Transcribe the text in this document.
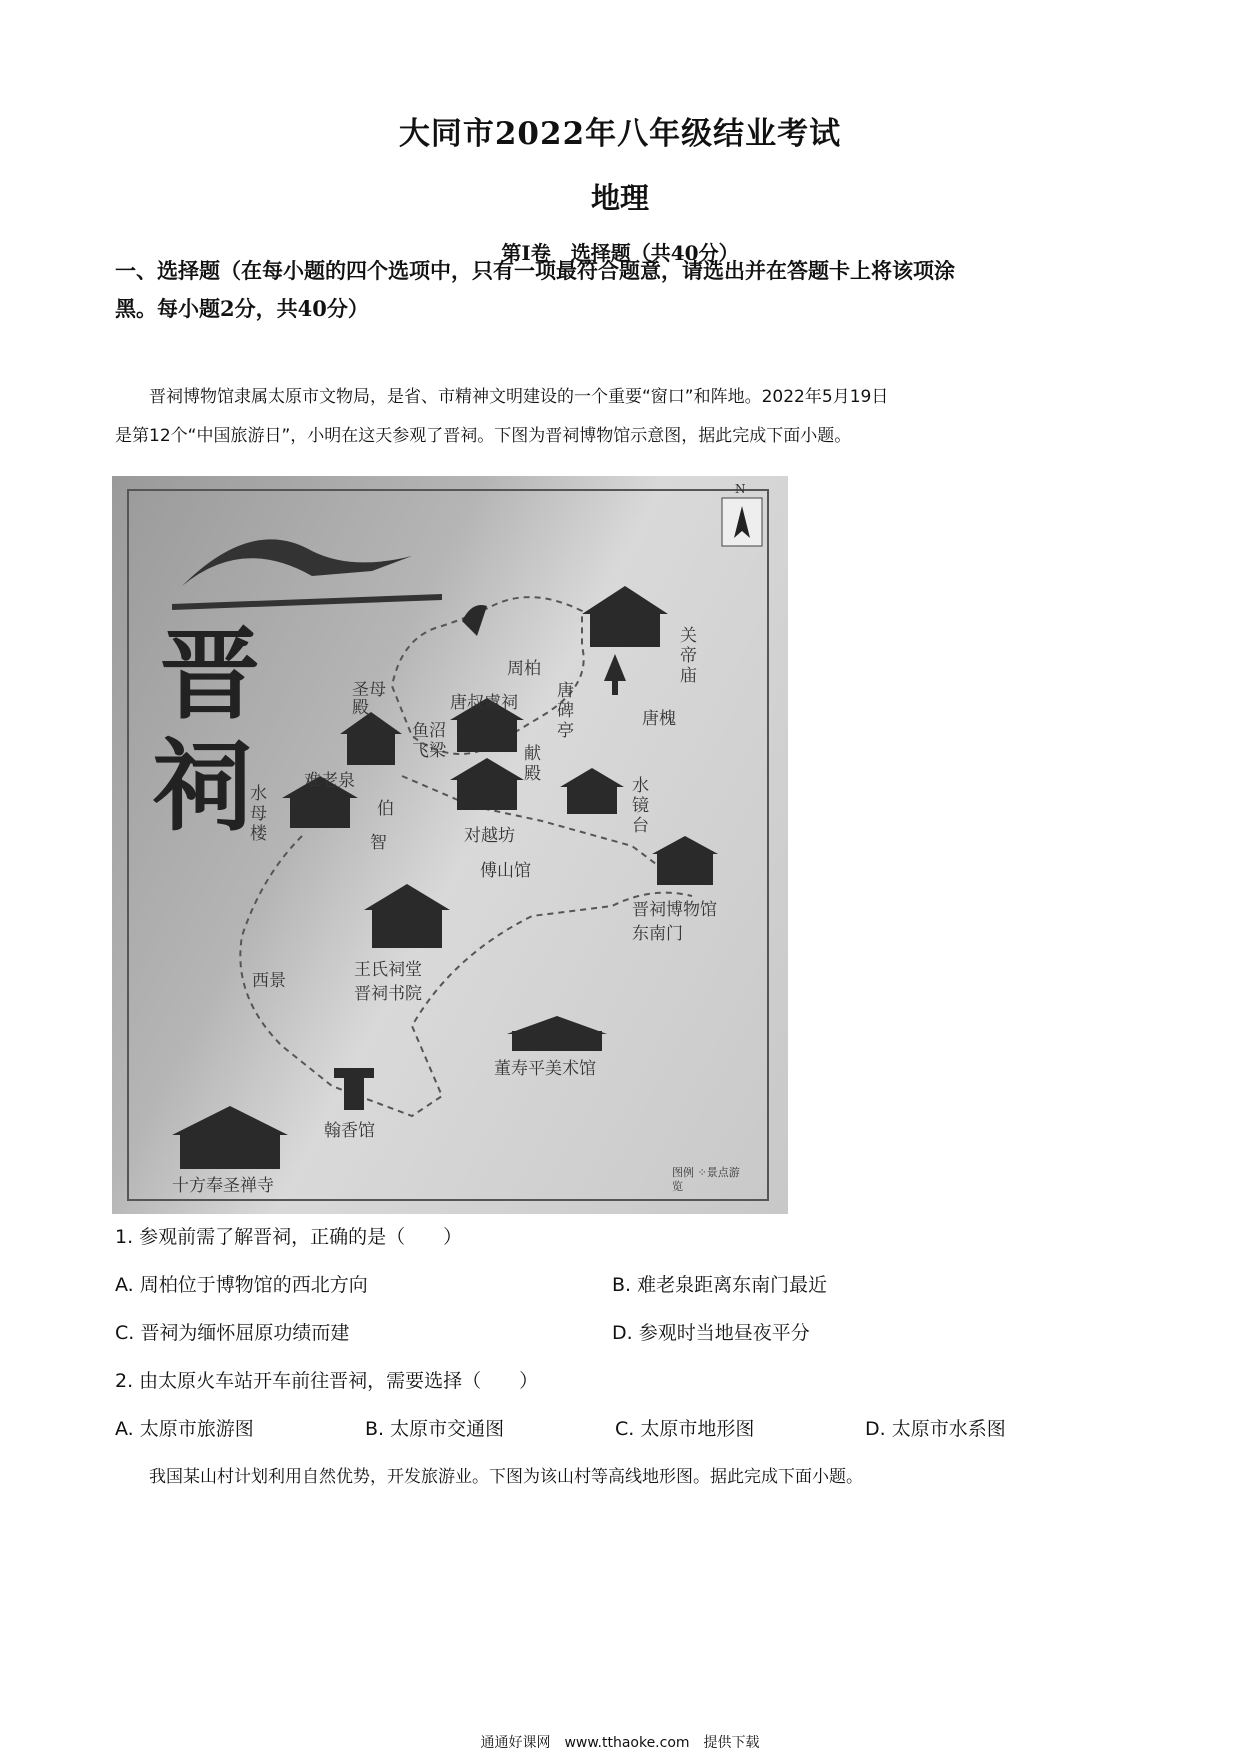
大同市2022年八年级结业考试
地理
第Ⅰ卷　选择题（共40分）
一、选择题（在每小题的四个选项中，只有一项最符合题意，请选出并在答题卡上将该项涂
黑。每小题2分，共40分）
晋祠博物馆隶属太原市文物局，是省、市精神文明建设的一个重要“窗口”和阵地。2022年5月19日
是第12个“中国旅游日”，小明在这天参观了晋祠。下图为晋祠博物馆示意图，据此完成下面小题。
晋
祠
N
周柏
关帝庙
唐叔虞祠
唐碑亭
唐槐
圣母殿
鱼沼飞梁	献殿
难老泉
伯
水母楼	智	对越坊
水镜台
傅山馆
晋祠博物馆东南门
西景
王氏祠堂 晋祠书院
董寿平美术馆
十方奉圣禅寺
翰香馆
图例 ⁘景点游览
1. 参观前需了解晋祠，正确的是（　　）
A. 周柏位于博物馆的西北方向	B. 难老泉距离东南门最近
C. 晋祠为缅怀屈原功绩而建	D. 参观时当地昼夜平分
2. 由太原火车站开车前往晋祠，需要选择（　　）
A. 太原市旅游图	B. 太原市交通图	C. 太原市地形图	D. 太原市水系图
我国某山村计划利用自然优势，开发旅游业。下图为该山村等高线地形图。据此完成下面小题。
通通好课网　www.tthaoke.com　提供下载
